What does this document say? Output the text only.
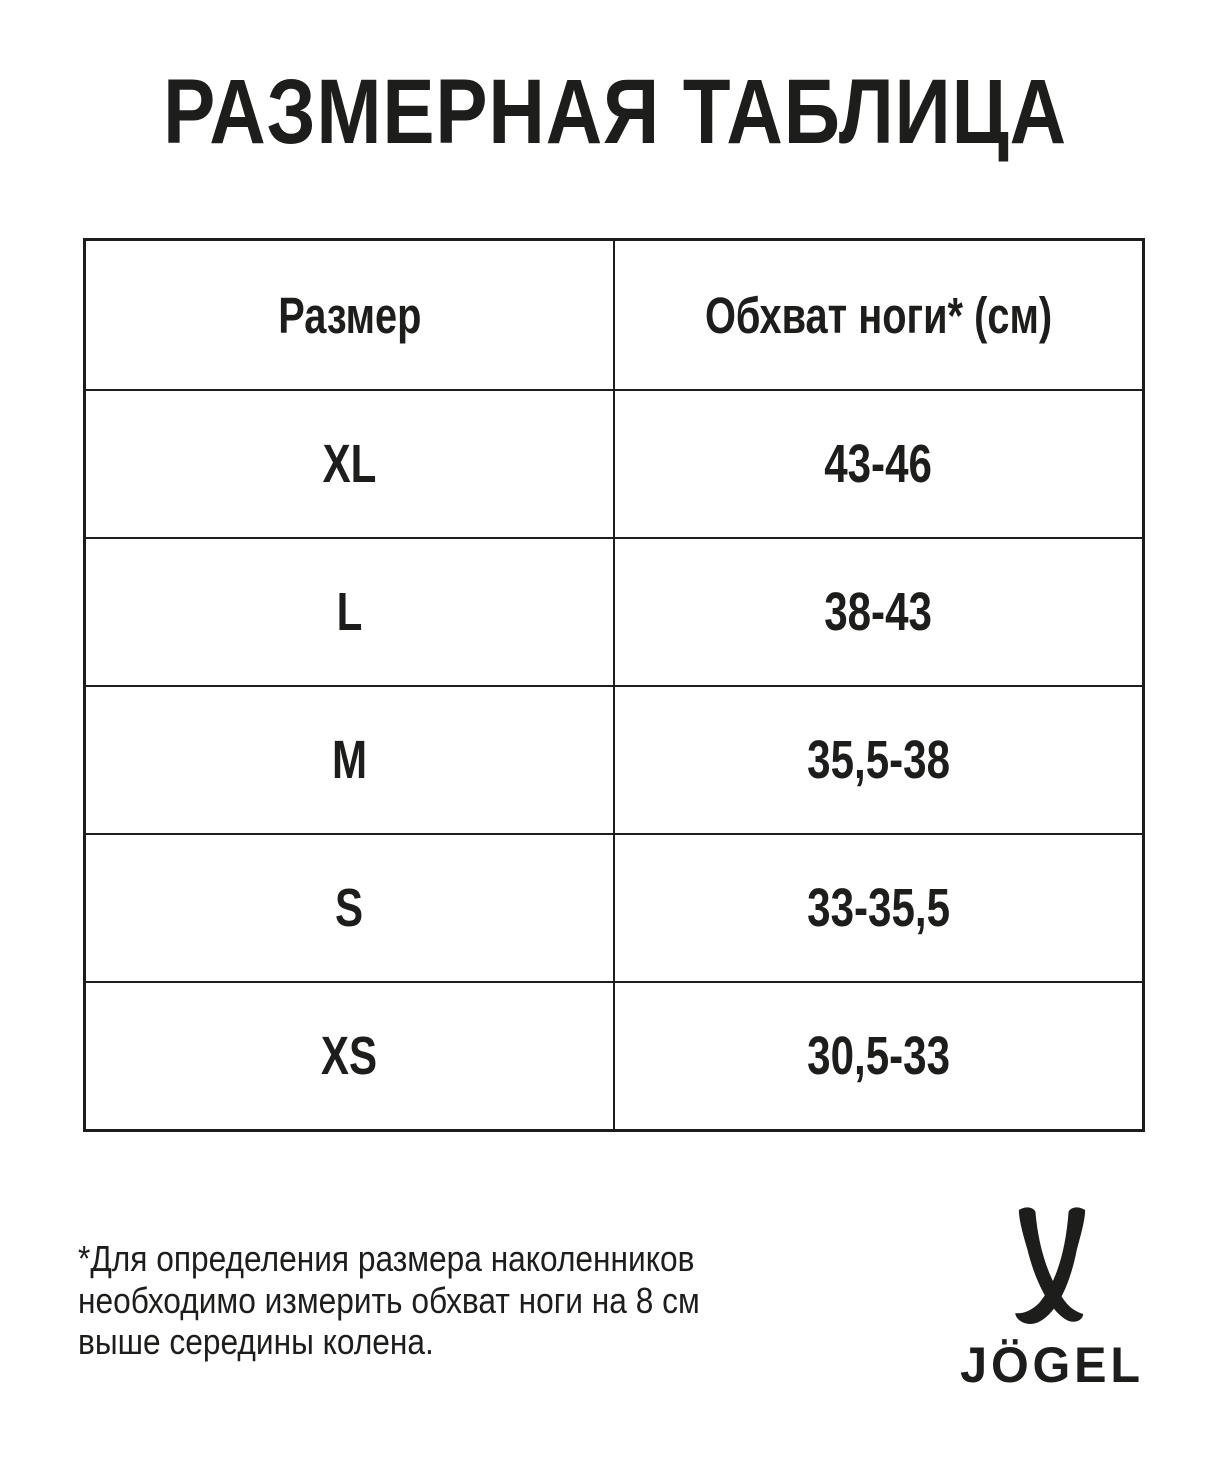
РАЗМЕРНАЯ ТАБЛИЦА
Размер	Обхват ноги* (см)
XL	43-46
L	38-43
M	35,5-38
S	33-35,5
XS	30,5-33
*Для определения размера наколенников
необходимо измерить обхват ноги на 8 см
выше середины колена.	JÖGEL
